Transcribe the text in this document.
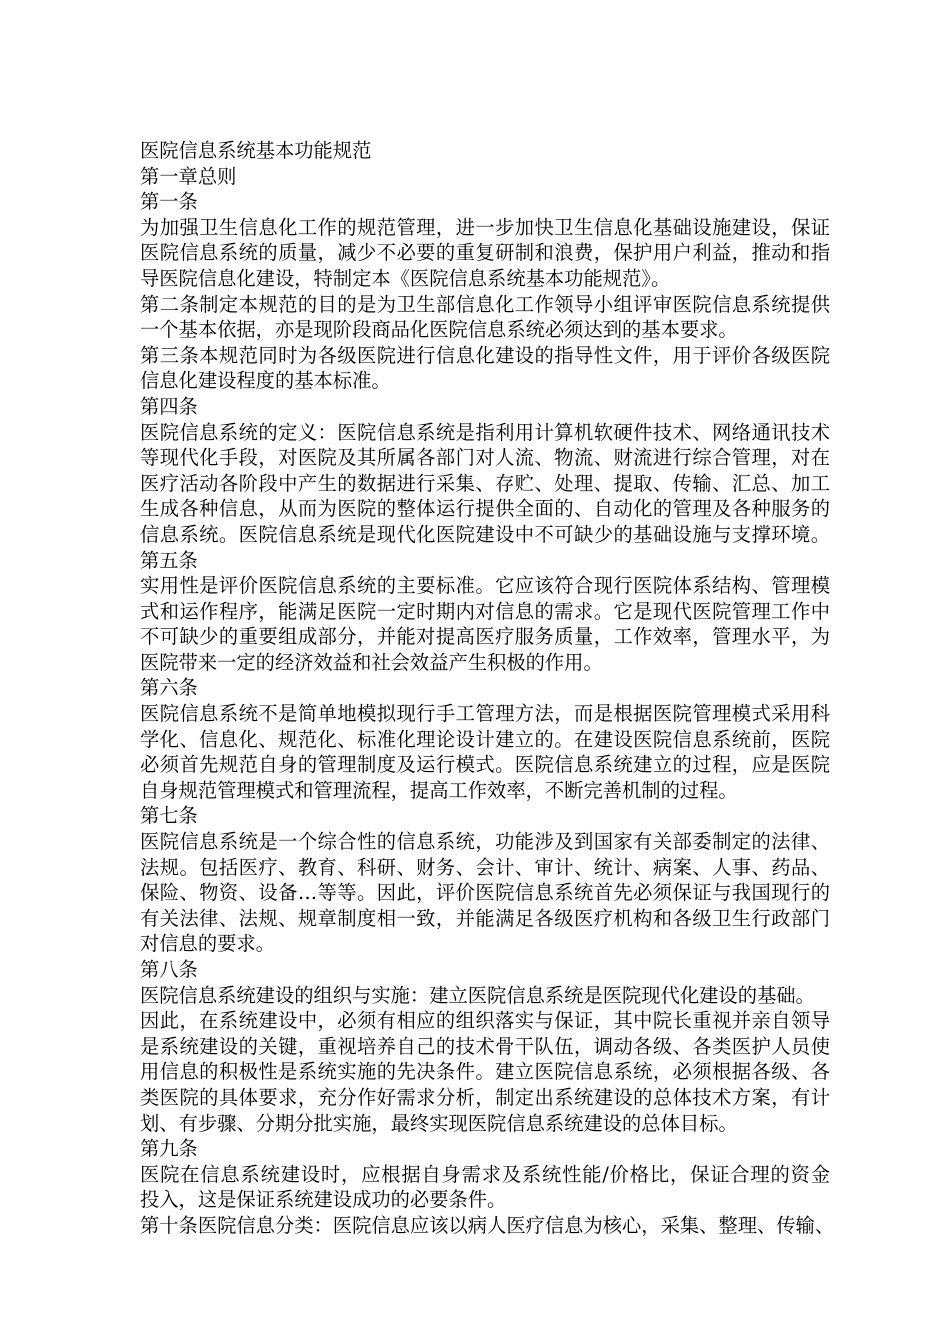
医院信息系统基本功能规范
第一章总则
第一条
为加强卫生信息化工作的规范管理，进一步加快卫生信息化基础设施建设，保证
医院信息系统的质量，减少不必要的重复研制和浪费，保护用户利益，推动和指
导医院信息化建设，特制定本《医院信息系统基本功能规范》。
第二条制定本规范的目的是为卫生部信息化工作领导小组评审医院信息系统提供
一个基本依据，亦是现阶段商品化医院信息系统必须达到的基本要求。
第三条本规范同时为各级医院进行信息化建设的指导性文件，用于评价各级医院
信息化建设程度的基本标准。
第四条
医院信息系统的定义：医院信息系统是指利用计算机软硬件技术、网络通讯技术
等现代化手段，对医院及其所属各部门对人流、物流、财流进行综合管理，对在
医疗活动各阶段中产生的数据进行采集、存贮、处理、提取、传输、汇总、加工
生成各种信息，从而为医院的整体运行提供全面的、自动化的管理及各种服务的
信息系统。医院信息系统是现代化医院建设中不可缺少的基础设施与支撑环境。
第五条
实用性是评价医院信息系统的主要标准。它应该符合现行医院体系结构、管理模
式和运作程序，能满足医院一定时期内对信息的需求。它是现代医院管理工作中
不可缺少的重要组成部分，并能对提高医疗服务质量，工作效率，管理水平，为
医院带来一定的经济效益和社会效益产生积极的作用。
第六条
医院信息系统不是简单地模拟现行手工管理方法，而是根据医院管理模式采用科
学化、信息化、规范化、标准化理论设计建立的。在建设医院信息系统前，医院
必须首先规范自身的管理制度及运行模式。医院信息系统建立的过程，应是医院
自身规范管理模式和管理流程，提高工作效率，不断完善机制的过程。
第七条
医院信息系统是一个综合性的信息系统，功能涉及到国家有关部委制定的法律、
法规。包括医疗、教育、科研、财务、会计、审计、统计、病案、人事、药品、
保险、物资、设备…等等。因此，评价医院信息系统首先必须保证与我国现行的
有关法律、法规、规章制度相一致，并能满足各级医疗机构和各级卫生行政部门
对信息的要求。
第八条
医院信息系统建设的组织与实施：建立医院信息系统是医院现代化建设的基础。
因此，在系统建设中，必须有相应的组织落实与保证，其中院长重视并亲自领导
是系统建设的关键，重视培养自己的技术骨干队伍，调动各级、各类医护人员使
用信息的积极性是系统实施的先决条件。建立医院信息系统，必须根据各级、各
类医院的具体要求，充分作好需求分析，制定出系统建设的总体技术方案，有计
划、有步骤、分期分批实施，最终实现医院信息系统建设的总体目标。
第九条
医院在信息系统建设时，应根据自身需求及系统性能/价格比，保证合理的资金
投入，这是保证系统建设成功的必要条件。
第十条医院信息分类：医院信息应该以病人医疗信息为核心，采集、整理、传输、
